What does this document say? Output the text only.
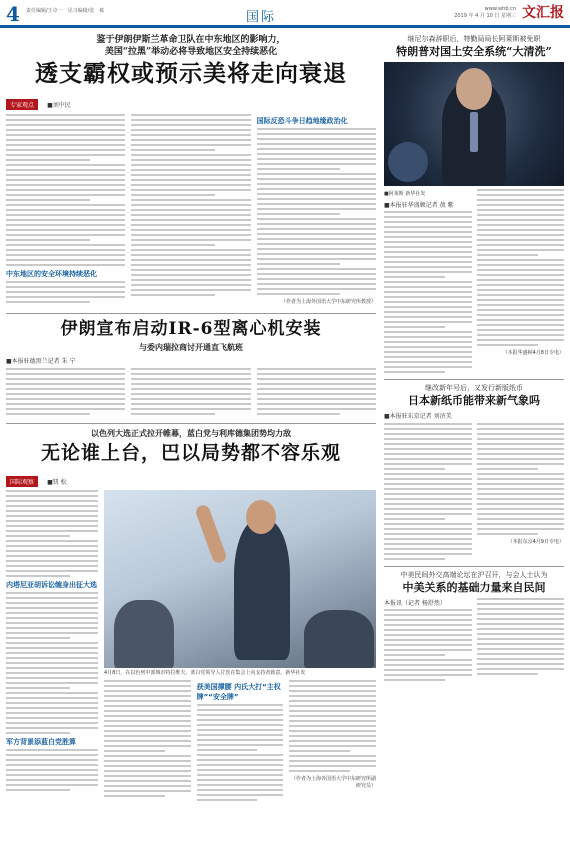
4 责任编辑/王卓一　见习编辑/张　栋	国际
www.whb.cn
2019 年 4 月 10 日 星期三 文汇报
鉴于伊朗伊斯兰革命卫队在中东地区的影响力，
美国“拉黑”举动必将导致地区安全持续恶化
透支霸权或预示美将走向衰退
专家观点 ■刘中民
中东地区的安全环境持续恶化
国际反恐斗争日趋地缘政治化
（作者为上海外国语大学中东研究所教授）
伊朗宣布启动IR-6型离心机安装
与委内瑞拉商讨开通直飞航班
■本报驻德黑兰记者 朱 宁
以色列大选正式拉开帷幕，蓝白党与利库德集团势均力敌
无论谁上台，巴以局势都不容乐观
国际观察 ■钮 松
内塔尼亚胡诉讼缠身出征大选
军方背景添蓝白党胜算
4月8日，在以色列中部城市特拉维夫，蓝白党领导人甘茨在集会上向支持者致意。新华社发
获美国撑腰 内氏大打“主权牌”“安全牌”
（作者为上海外国语大学中东研究所副研究员）
继尼尔森辞职后，特勤局局长阿莱斯被免职
特朗普对国土安全系统“大清洗”
■阿莱斯 新华社发
■本报驻华盛顿记者 敖 紫
（本报华盛顿4月8日专电）
继改新年号后，又发行新版纸币
日本新纸币能带来新气象吗
■本报驻东京记者 刘济美
（本报东京4月9日专电）
中美民间外交高端论坛在沪召开，与会人士认为
中美关系的基础力量来自民间
本报讯（记者 杨舒然）
